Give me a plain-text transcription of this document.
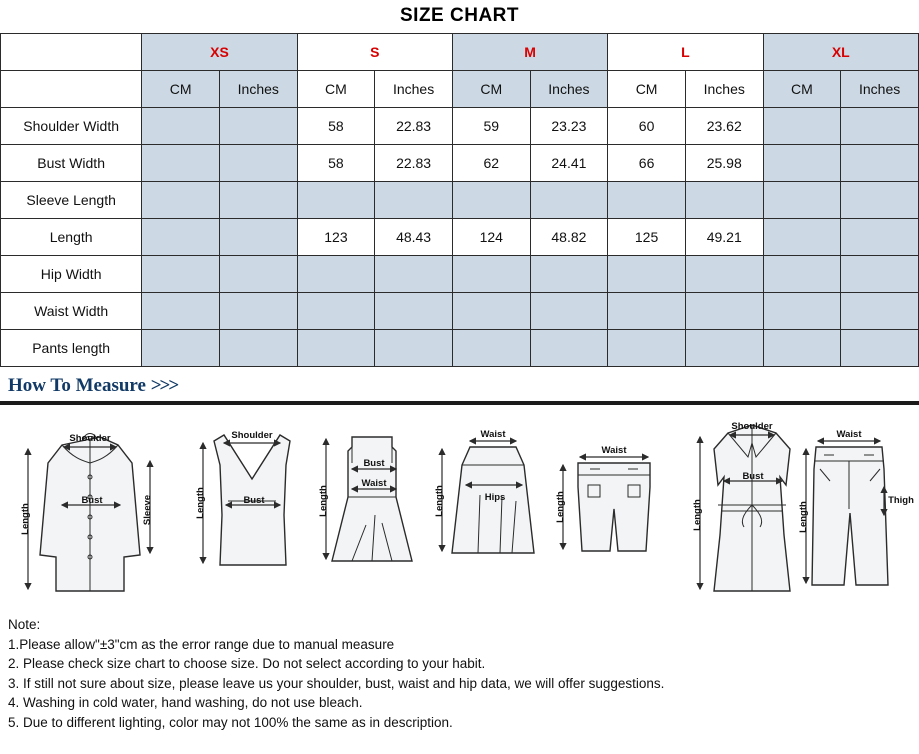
SIZE CHART
	XS		S		M		L		XL	
	CM	Inches	CM	Inches	CM	Inches	CM	Inches	CM	Inches
Shoulder Width			58	22.83	59	23.23	60	23.62		
Bust Width			58	22.83	62	24.41	66	25.98		
Sleeve Length										
Length			123	48.43	124	48.82	125	49.21		
Hip Width										
Waist Width										
Pants length										
How To Measure >>>
Shoulder
Bust	Sleeve
Length
Shoulder
Bust
Length
Bust
Waist
Length
Waist
Hips
Length
Waist
Length
Shoulder
Bust
Length
Waist
Thigh
Length
Note:
1.Please allow"±3"cm as the error range due to manual measure
2. Please check size chart to choose size. Do not select according to your habit.
3. If still not sure about size, please leave us your shoulder, bust, waist and hip data, we will offer suggestions.
4. Washing in cold water, hand washing, do not use bleach.
5. Due to different lighting, color may not 100% the same as in description.
